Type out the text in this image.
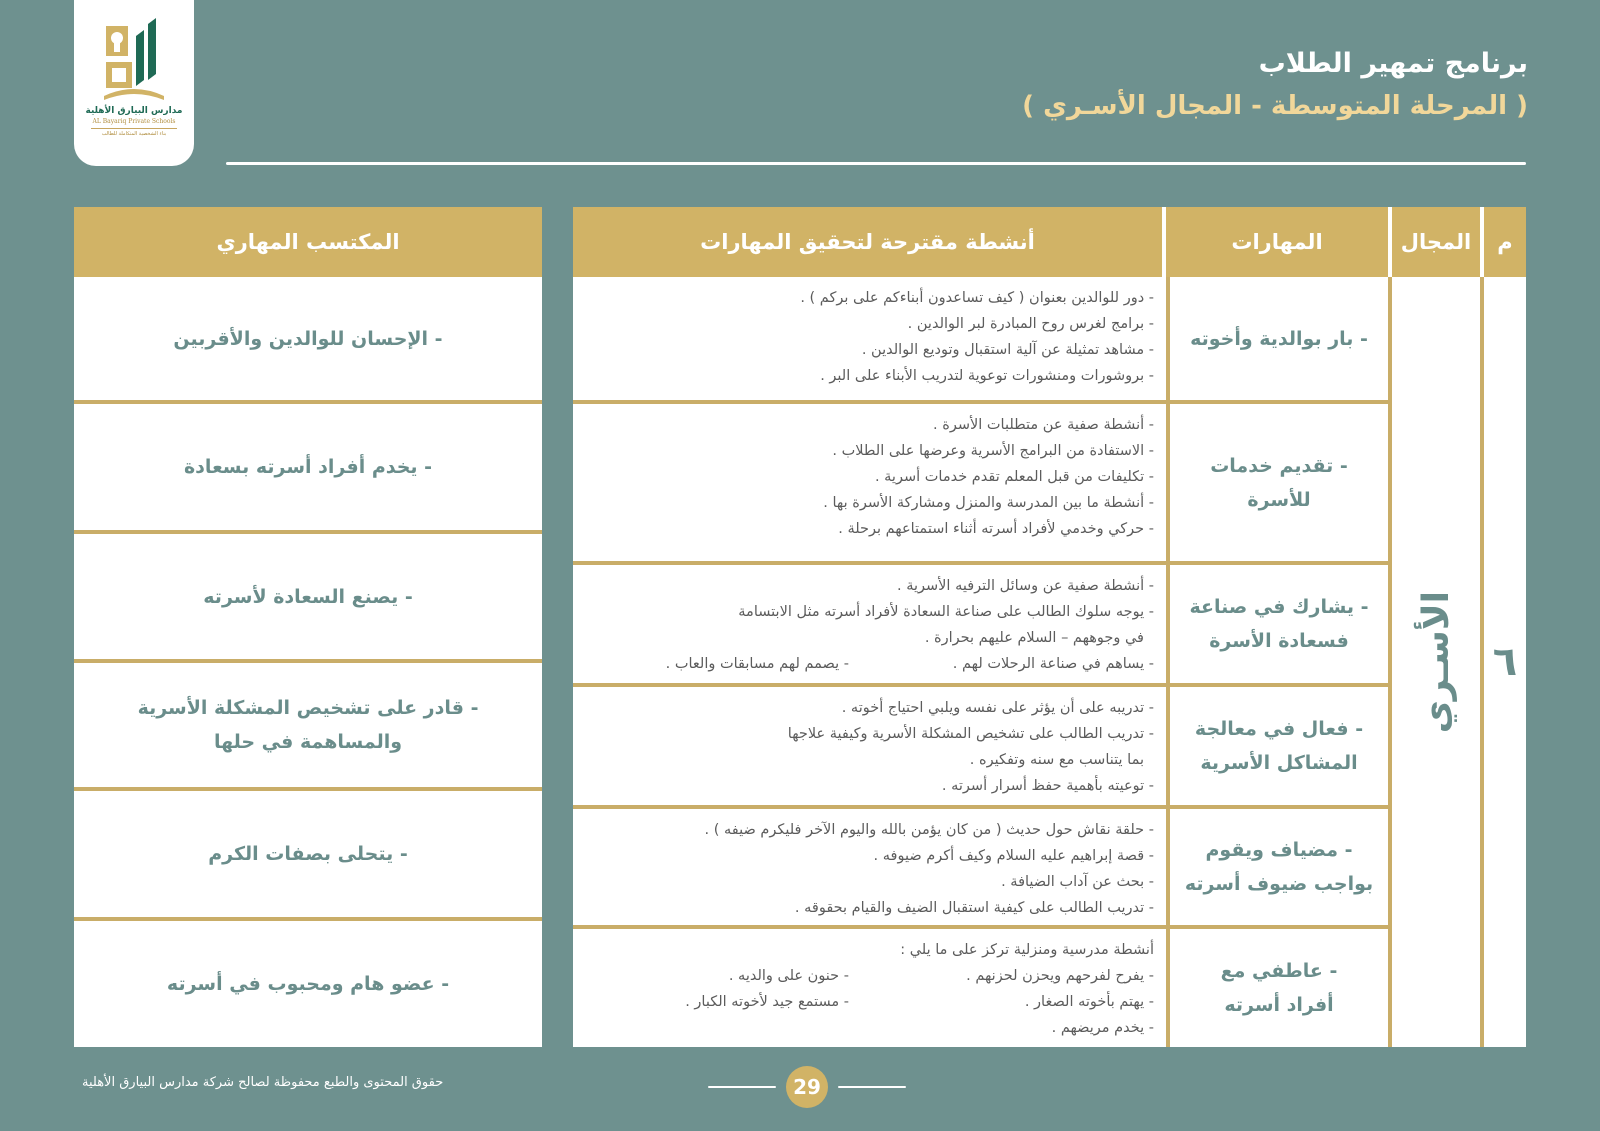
مدارس البيارق الأهلية
AL Bayariq Private Schools
بناء الشخصية المتكاملة للطالب
برنامج تمهير الطلاب
( المرحلة المتوسطة - المجال الأسـري )
م
المجال
المهارات
أنشطة مقترحة لتحقيق المهارات
٦
الأسـري
- بار بوالدية وأخوته
- دور للوالدين بعنوان ( كيف تساعدون أبناءكم على بركم ) .
- برامج لغرس روح المبادرة لبر الوالدين .
- مشاهد تمثيلة عن آلية استقبال وتوديع الوالدين .
- بروشورات ومنشورات توعوية لتدريب الأبناء على البر .
- تقديم خدمات
للأسرة
- أنشطة صفية عن متطلبات الأسرة .
- الاستفادة من البرامج الأسرية وعرضها على الطلاب .
- تكليفات من قبل المعلم تقدم خدمات أسرية .
- أنشطة ما بين المدرسة والمنزل ومشاركة الأسرة بها .
- حركي وخدمي لأفراد أسرته أثناء استمتاعهم برحلة .
- يشارك في صناعة
فسعادة الأسرة
- أنشطة صفية عن وسائل الترفيه الأسرية .
- يوجه سلوك الطالب على صناعة السعادة لأفراد أسرته مثل الابتسامة
في وجوههم – السلام عليهم بحرارة .
- يساهم في صناعة الرحلات لهم .
- يصمم لهم مسابقات والعاب .
- فعال في معالجة
المشاكل الأسرية
- تدريبه على أن يؤثر على نفسه ويلبي احتياج أخوته .
- تدريب الطالب على تشخيص المشكلة الأسرية وكيفية علاجها
بما يتناسب مع سنه وتفكيره .
- توعيته بأهمية حفظ أسرار أسرته .
- مضياف ويقوم
بواجب ضيوف أسرته
- حلقة نقاش حول حديث ( من كان يؤمن بالله واليوم الآخر فليكرم ضيفه ) .
- قصة إبراهيم عليه السلام وكيف أكرم ضيوفه .
- بحث عن آداب الضيافة .
- تدريب الطالب على كيفية استقبال الضيف والقيام بحقوقه .
- عاطفي مع
أفراد أسرته
أنشطة مدرسية ومنزلية تركز على ما يلي :
- يفرح لفرحهم ويحزن لحزنهم .
- حنون على والديه .
- يهتم بأخوته الصغار .
- مستمع جيد لأخوته الكبار .
- يخدم مريضهم .
المكتسب المهاري
- الإحسان للوالدين والأقربين
- يخدم أفراد أسرته بسعادة
- يصنع السعادة لأسرته
- قادر على تشخيص المشكلة الأسرية
والمساهمة في حلها
- يتحلى بصفات الكرم
- عضو هام ومحبوب في أسرته
حقوق المحتوى والطبع محفوظة لصالح شركة مدارس البيارق الأهلية	29
